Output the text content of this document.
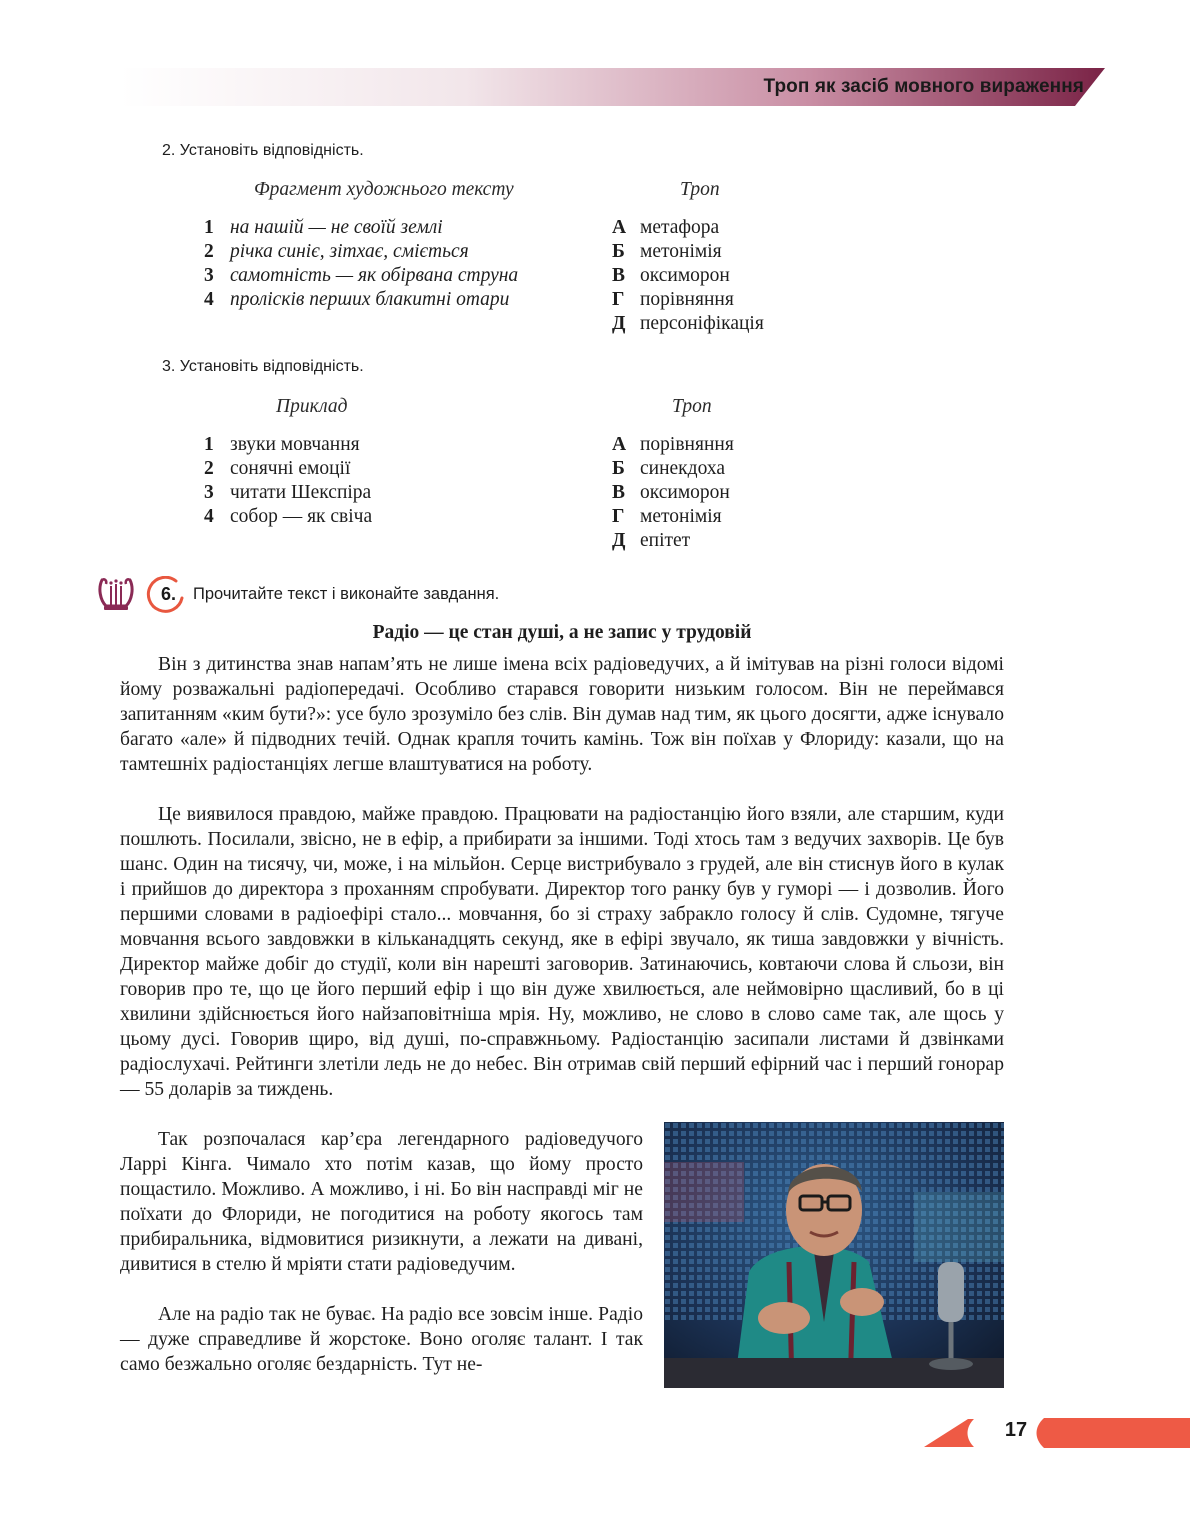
Троп як засіб мовного вираження
2. Установіть відповідність.
Фрагмент художнього тексту	Троп
1 на нашій — не своїй землі
2 річка синіє, зітхає, сміється
3 самотність — як обірвана струна
4 пролісків перших блакитні отари
А метафора
Б метонімія
В оксиморон
Г порівняння
Д персоніфікація
3. Установіть відповідність.
Приклад	Троп
1 звуки мовчання
2 сонячні емоції
3 читати Шекспіра
4 собор — як свіча
А порівняння
Б синекдоха
В оксиморон
Г метонімія
Д епітет
6. Прочитайте текст і виконайте завдання.
Радіо — це стан душі, а не запис у трудовій

Він з дитинства знав напам’ять не лише імена всіх радіоведучих, а й імітував на різні голоси відомі йому розважальні радіопередачі. Особливо старався говорити низьким голосом. Він не переймався запитанням «ким бути?»: усе було зрозуміло без слів. Він думав над тим, як цього досягти, адже існувало багато «але» й підводних течій. Однак крапля точить камінь. Тож він поїхав у Флориду: казали, що на тамтешніх радіостанціях легше влаштуватися на роботу.

Це виявилося правдою, майже правдою. Працювати на радіостанцію його взяли, але старшим, куди пошлють. Посилали, звісно, не в ефір, а прибирати за іншими. Тоді хтось там з ведучих захворів. Це був шанс. Один на тисячу, чи, може, і на мільйон. Серце вистрибувало з грудей, але він стиснув його в кулак і прийшов до директора з проханням спробувати. Директор того ранку був у гуморі — і дозволив. Його першими словами в радіоефірі стало... мовчання, бо зі страху забракло голосу й слів. Судомне, тягуче мовчання всього завдовжки в кільканадцять секунд, яке в ефірі звучало, як тиша завдовжки у вічність. Директор майже добіг до студії, коли він нарешті заговорив. Затинаючись, ковтаючи слова й сльози, він говорив про те, що це його перший ефір і що він дуже хвилюється, але неймовірно щасливий, бо в ці хвилини здійснюється його найзаповітніша мрія. Ну, можливо, не слово в слово саме так, але щось у цьому дусі. Говорив щиро, від душі, по-справжньому. Радіостанцію засипали листами й дзвінками радіослухачі. Рейтинги злетіли ледь не до небес. Він отримав свій перший ефірний час і перший гонорар — 55 доларів за тиждень.

Так розпочалася кар’єра легендарного радіоведучого Ларрі Кінга. Чимало хто потім казав, що йому просто пощастило. Можливо. А можливо, і ні. Бо він насправді міг не поїхати до Флориди, не погодитися на роботу якогось там прибиральника, відмовитися ризикнути, а лежати на дивані, дивитися в стелю й мріяти стати радіоведучим.

Але на радіо так не буває. На радіо все зовсім інше. Радіо — дуже справедливе й жорстоке. Воно оголяє талант. І так само безжально оголяє бездарність. Тут не-

17
